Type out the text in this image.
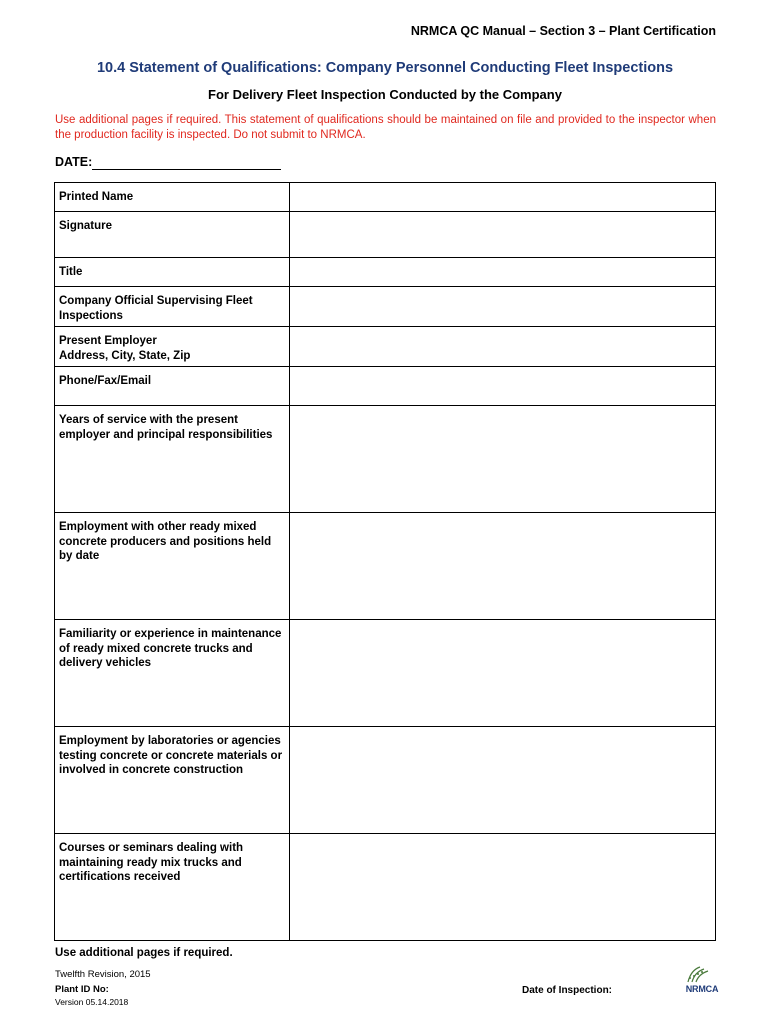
NRMCA QC Manual – Section 3 – Plant Certification
10.4 Statement of Qualifications: Company Personnel Conducting Fleet Inspections
For Delivery Fleet Inspection Conducted by the Company
Use additional pages if required. This statement of qualifications should be maintained on file and provided to the inspector when the production facility is inspected. Do not submit to NRMCA.
DATE:
Printed Name	
Signature	
Title	
Company Official Supervising Fleet Inspections	
Present Employer
Address, City, State, Zip	
Phone/Fax/Email	
Years of service with the present employer and principal responsibilities	
Employment with other ready mixed concrete producers and positions held by date	
Familiarity or experience in maintenance of ready mixed concrete trucks and delivery vehicles	
Employment by laboratories or agencies testing concrete or concrete materials or involved in concrete construction	
Courses or seminars dealing with maintaining ready mix trucks and certifications received	
Use additional pages if required.
Twelfth Revision, 2015
Plant ID No:
Version 05.14.2018
Date of Inspection:	NRMCA
